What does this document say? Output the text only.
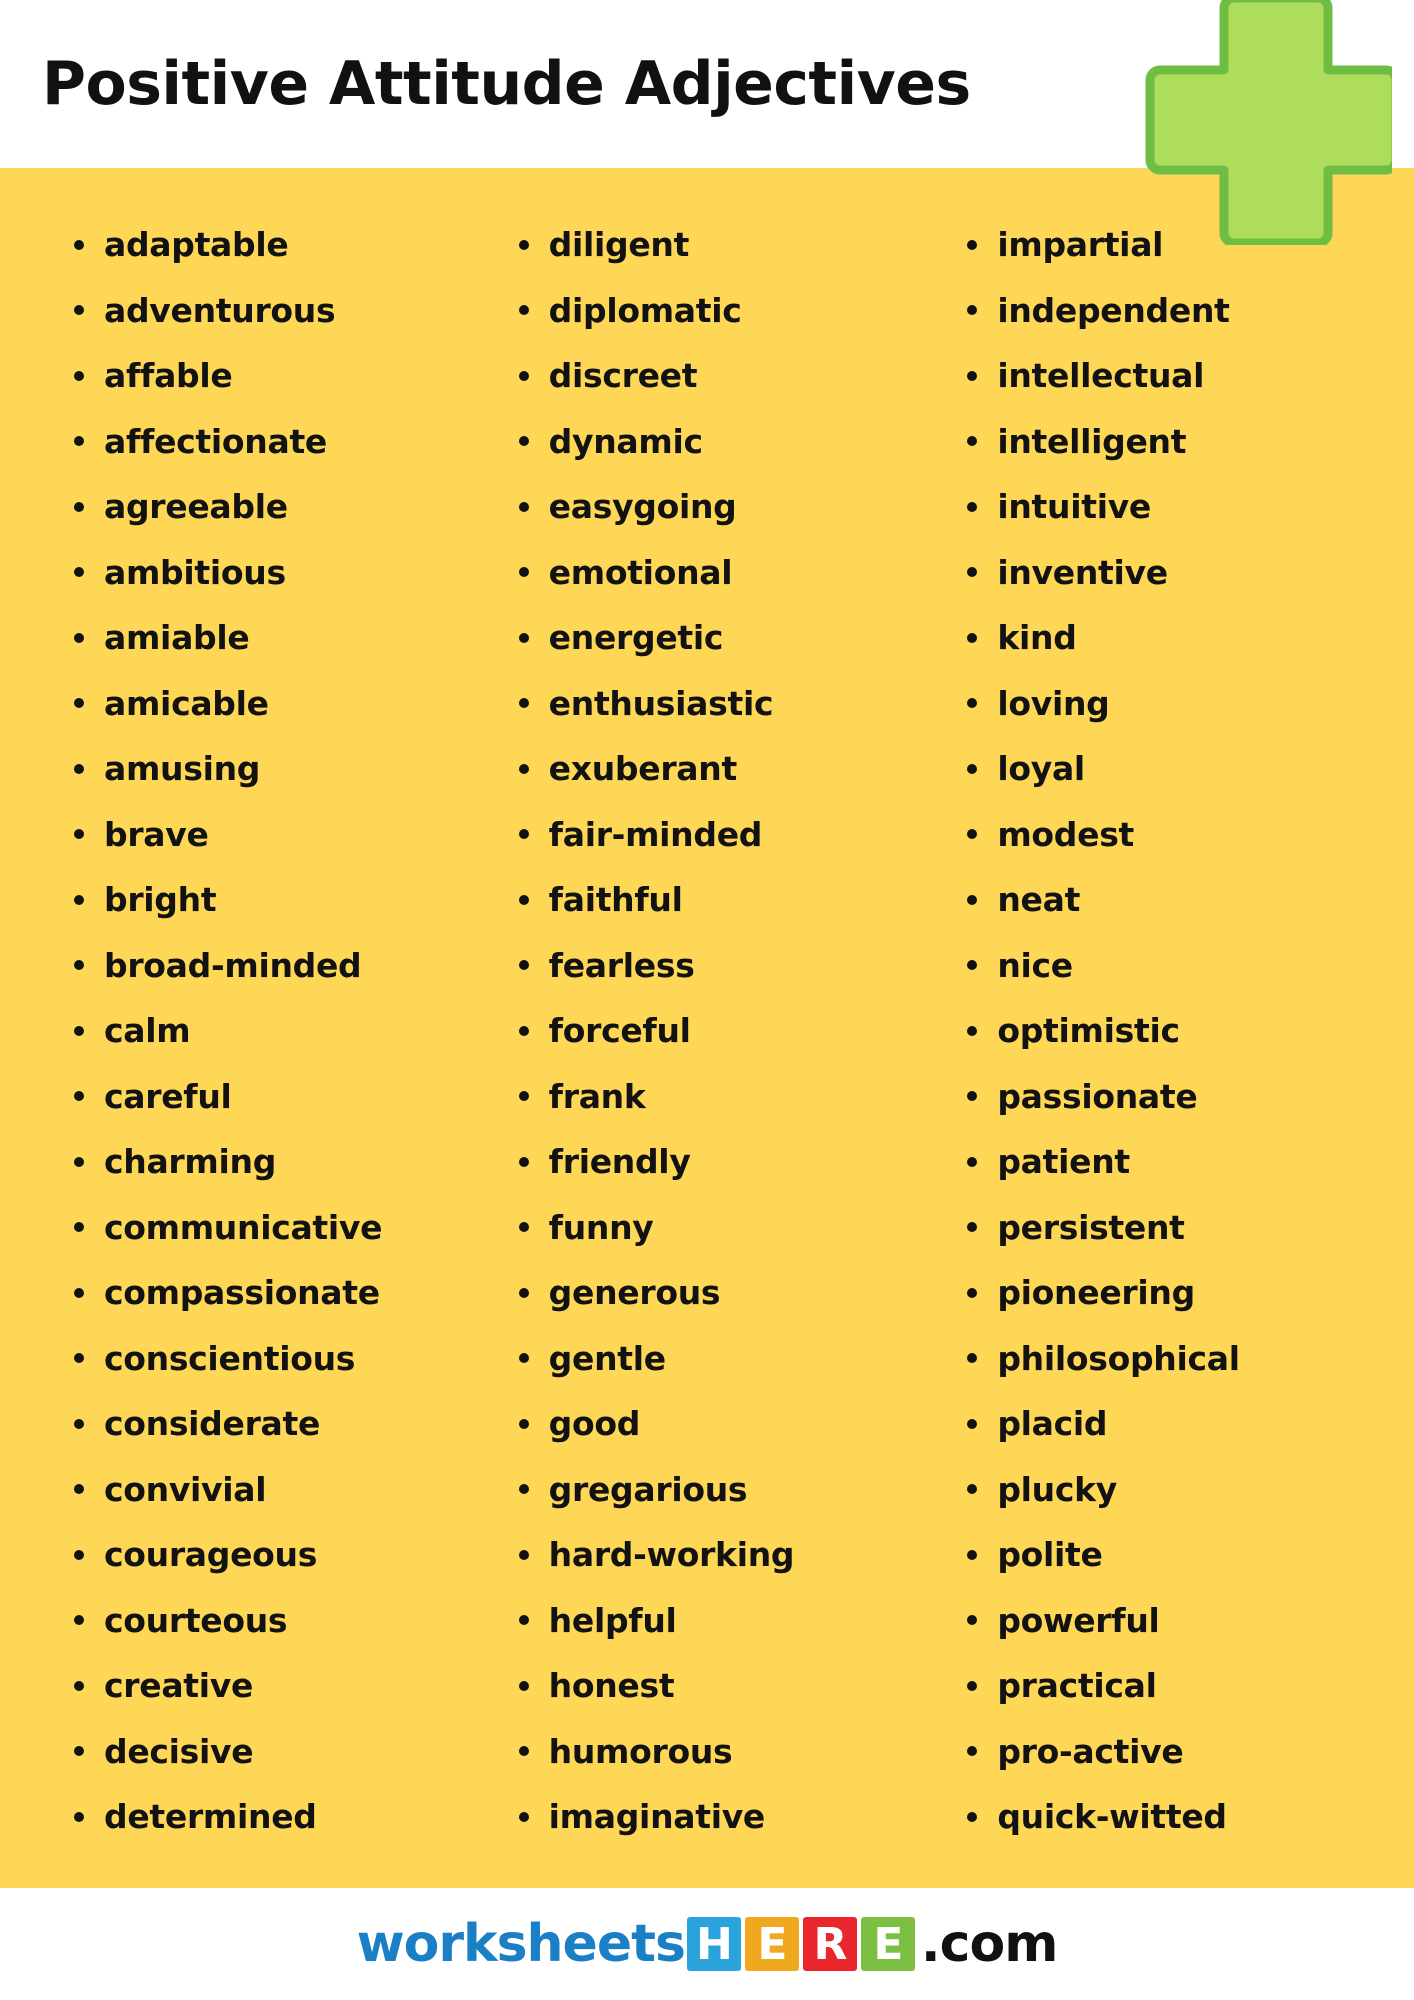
Positive Attitude Adjectives
adaptable
adventurous
affable
affectionate
agreeable
ambitious
amiable
amicable
amusing
brave
bright
broad-minded
calm
careful
charming
communicative
compassionate
conscientious
considerate
convivial
courageous
courteous
creative
decisive
determined
diligent
diplomatic
discreet
dynamic
easygoing
emotional
energetic
enthusiastic
exuberant
fair-minded
faithful
fearless
forceful
frank
friendly
funny
generous
gentle
good
gregarious
hard-working
helpful
honest
humorous
imaginative
impartial
independent
intellectual
intelligent
intuitive
inventive
kind
loving
loyal
modest
neat
nice
optimistic
passionate
patient
persistent
pioneering
philosophical
placid
plucky
polite
powerful
practical
pro-active
quick-witted
worksheets H E R E .com
